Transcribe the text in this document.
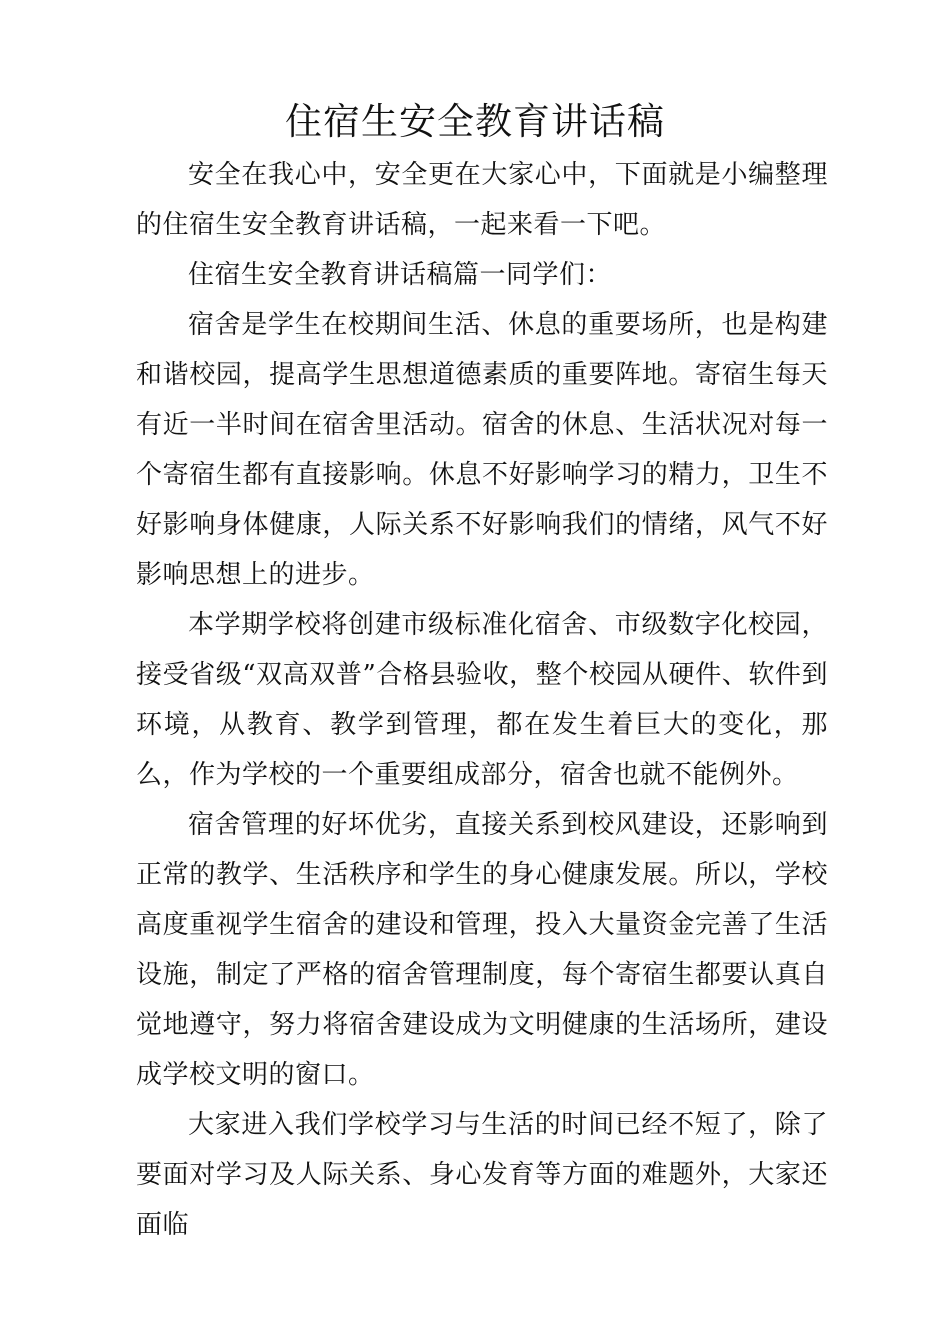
住宿生安全教育讲话稿

安全在我心中，安全更在大家心中，下面就是小编整理的住宿生安全教育讲话稿，一起来看一下吧。

住宿生安全教育讲话稿篇一同学们：

宿舍是学生在校期间生活、休息的重要场所，也是构建和谐校园，提高学生思想道德素质的重要阵地。寄宿生每天有近一半时间在宿舍里活动。宿舍的休息、生活状况对每一个寄宿生都有直接影响。休息不好影响学习的精力，卫生不好影响身体健康，人际关系不好影响我们的情绪，风气不好影响思想上的进步。

本学期学校将创建市级标准化宿舍、市级数字化校园，接受省级“双高双普”合格县验收，整个校园从硬件、软件到环境，从教育、教学到管理，都在发生着巨大的变化，那么，作为学校的一个重要组成部分，宿舍也就不能例外。

宿舍管理的好坏优劣，直接关系到校风建设，还影响到正常的教学、生活秩序和学生的身心健康发展。所以，学校高度重视学生宿舍的建设和管理，投入大量资金完善了生活设施，制定了严格的宿舍管理制度，每个寄宿生都要认真自觉地遵守，努力将宿舍建设成为文明健康的生活场所，建设成学校文明的窗口。

大家进入我们学校学习与生活的时间已经不短了，除了要面对学习及人际关系、身心发育等方面的难题外，大家还面临
